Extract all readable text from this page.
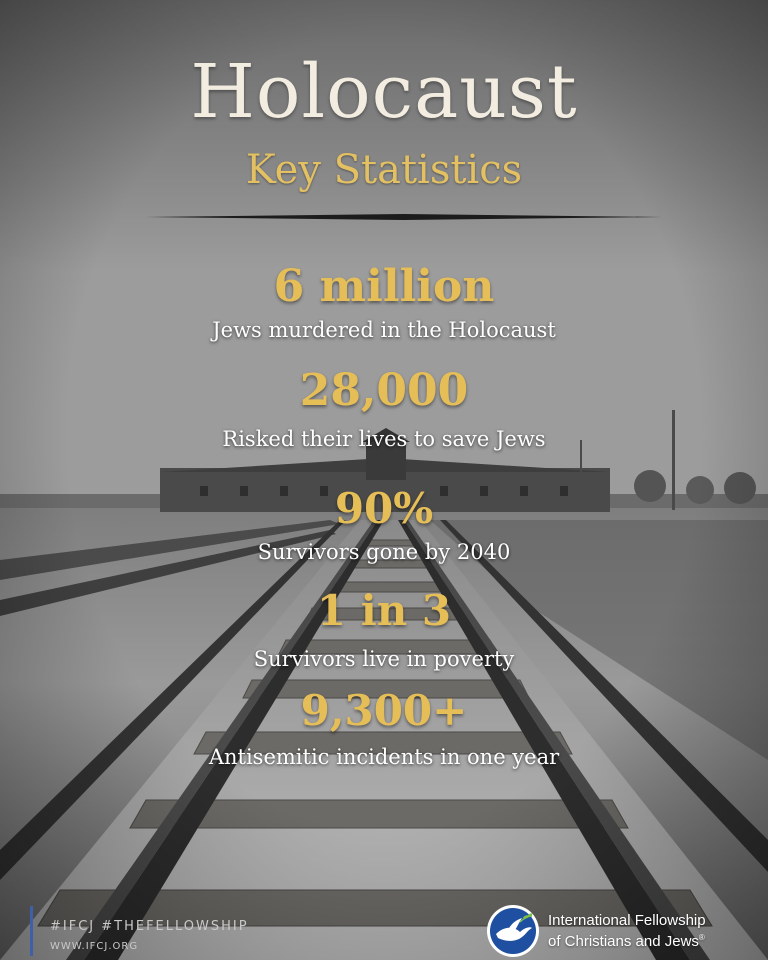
Holocaust
Key Statistics
6 million
Jews murdered in the Holocaust
28,000
Risked their lives to save Jews
90%
Survivors gone by 2040
1 in 3
Survivors live in poverty
9,300+
Antisemitic incidents in one year
#IFCJ #THEFELLOWSHIP
WWW.IFCJ.ORG
International Fellowship
of Christians and Jews®
